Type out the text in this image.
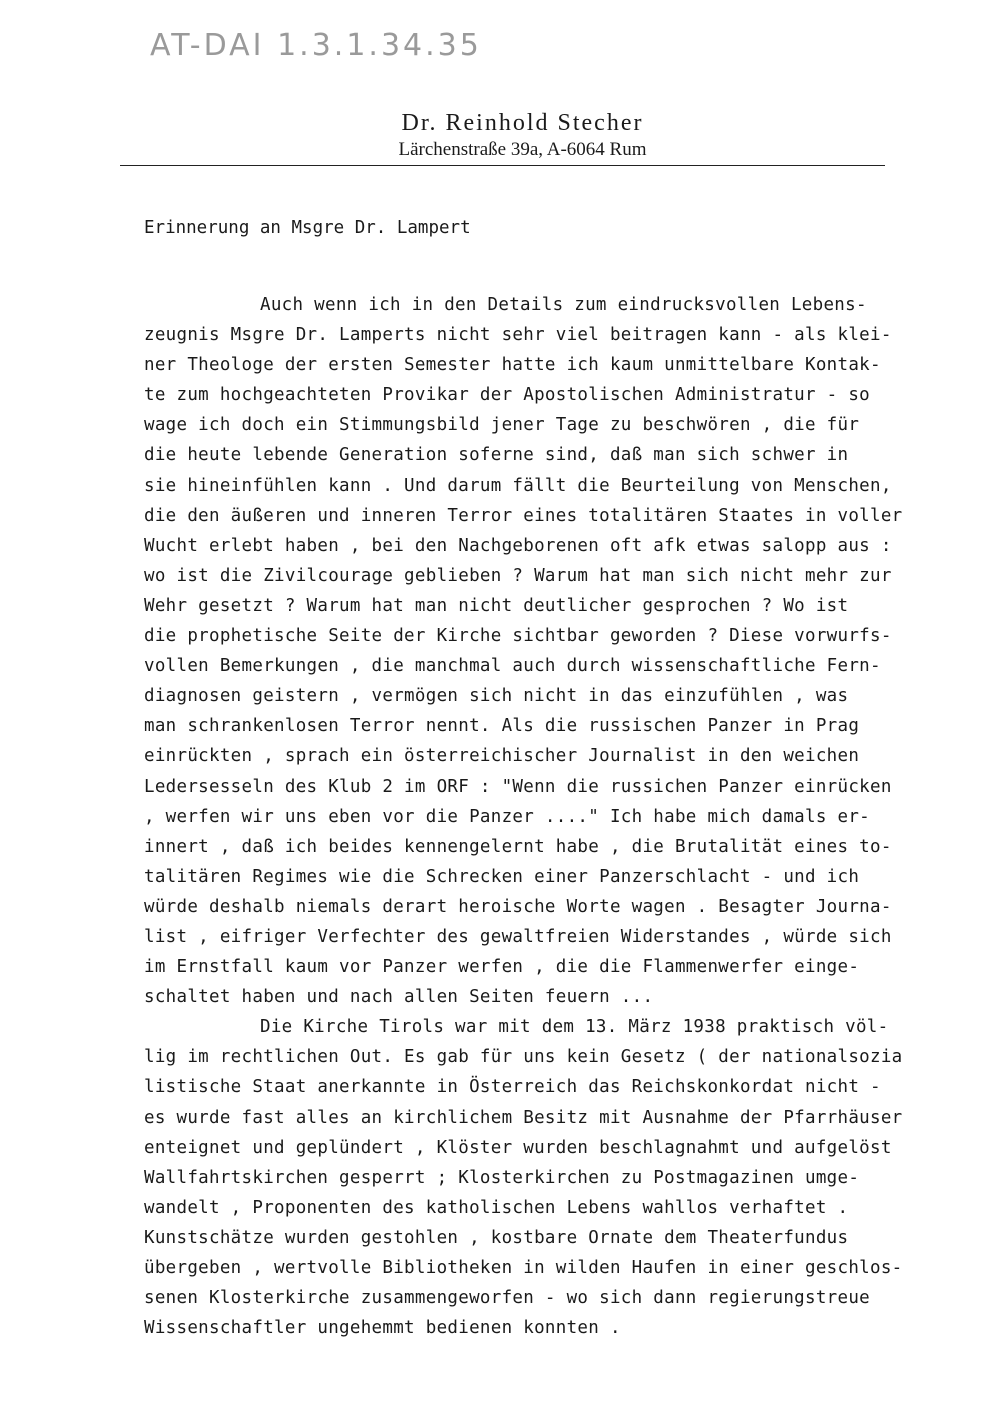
AT-DAI 1.3.1.34.35
Dr. Reinhold Stecher
Lärchenstraße 39a, A-6064 Rum
Erinnerung an Msgre Dr. Lampert
Auch wenn ich in den Details zum eindrucksvollen Lebens-
zeugnis Msgre Dr. Lamperts nicht sehr viel beitragen kann - als klei-
ner Theologe der ersten Semester hatte ich kaum unmittelbare Kontak-
te zum hochgeachteten Provikar der Apostolischen Administratur - so
wage ich doch ein Stimmungsbild jener Tage zu beschwören , die für
die heute lebende Generation soferne sind, daß man sich schwer in
sie hineinfühlen kann . Und darum fällt die Beurteilung von Menschen,
die den äußeren und inneren Terror eines totalitären Staates in voller
Wucht erlebt haben , bei den Nachgeborenen oft afk etwas salopp aus :
wo ist die Zivilcourage geblieben ? Warum hat man sich nicht mehr zur
Wehr gesetzt ? Warum hat man nicht deutlicher gesprochen ? Wo ist
die prophetische Seite der Kirche sichtbar geworden ? Diese vorwurfs-
vollen Bemerkungen , die manchmal auch durch wissenschaftliche Fern-
diagnosen geistern , vermögen sich nicht in das einzufühlen , was
man schrankenlosen Terror nennt. Als die russischen Panzer in Prag
einrückten , sprach ein österreichischer Journalist in den weichen
Ledersesseln des Klub 2 im ORF : "Wenn die russichen Panzer einrücken
, werfen wir uns eben vor die Panzer ...." Ich habe mich damals er-
innert , daß ich beides kennengelernt habe , die Brutalität eines to-
talitären Regimes wie die Schrecken einer Panzerschlacht - und ich
würde deshalb niemals derart heroische Worte wagen . Besagter Journa-
list , eifriger Verfechter des gewaltfreien Widerstandes , würde sich
im Ernstfall kaum vor Panzer werfen , die die Flammenwerfer einge-
schaltet haben und nach allen Seiten feuern ...
Die Kirche Tirols war mit dem 13. März 1938 praktisch völ-
lig im rechtlichen Out. Es gab für uns kein Gesetz ( der nationalsozia
listische Staat anerkannte in Österreich das Reichskonkordat nicht -
es wurde fast alles an kirchlichem Besitz mit Ausnahme der Pfarrhäuser
enteignet und geplündert , Klöster wurden beschlagnahmt und aufgelöst
Wallfahrtskirchen gesperrt ; Klosterkirchen zu Postmagazinen umge-
wandelt , Proponenten des katholischen Lebens wahllos verhaftet .
Kunstschätze wurden gestohlen , kostbare Ornate dem Theaterfundus
übergeben , wertvolle Bibliotheken in wilden Haufen in einer geschlos-
senen Klosterkirche zusammengeworfen - wo sich dann regierungstreue
Wissenschaftler ungehemmt bedienen konnten .
